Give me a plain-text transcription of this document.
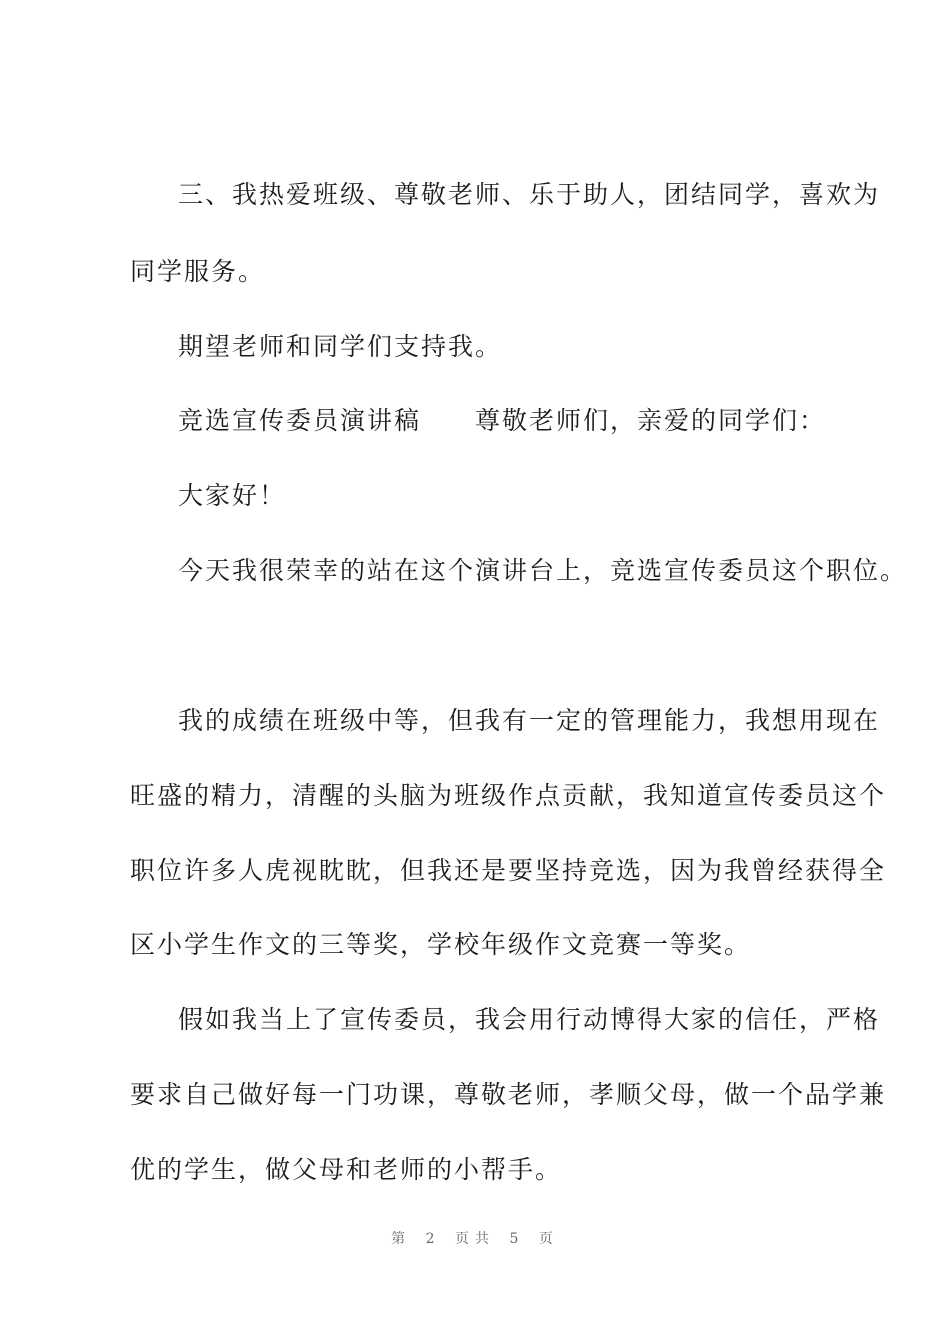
三、我热爱班级、尊敬老师、乐于助人，团结同学，喜欢为
同学服务。
期望老师和同学们支持我。
竞选宣传委员演讲稿 尊敬老师们，亲爱的同学们：
大家好！
今天我很荣幸的站在这个演讲台上，竞选宣传委员这个职位。
我的成绩在班级中等，但我有一定的管理能力，我想用现在
旺盛的精力，清醒的头脑为班级作点贡献，我知道宣传委员这个
职位许多人虎视眈眈，但我还是要坚持竞选，因为我曾经获得全
区小学生作文的三等奖，学校年级作文竞赛一等奖。
假如我当上了宣传委员，我会用行动博得大家的信任，严格
要求自己做好每一门功课，尊敬老师，孝顺父母，做一个品学兼
优的学生，做父母和老师的小帮手。
第 2 页共 5 页
